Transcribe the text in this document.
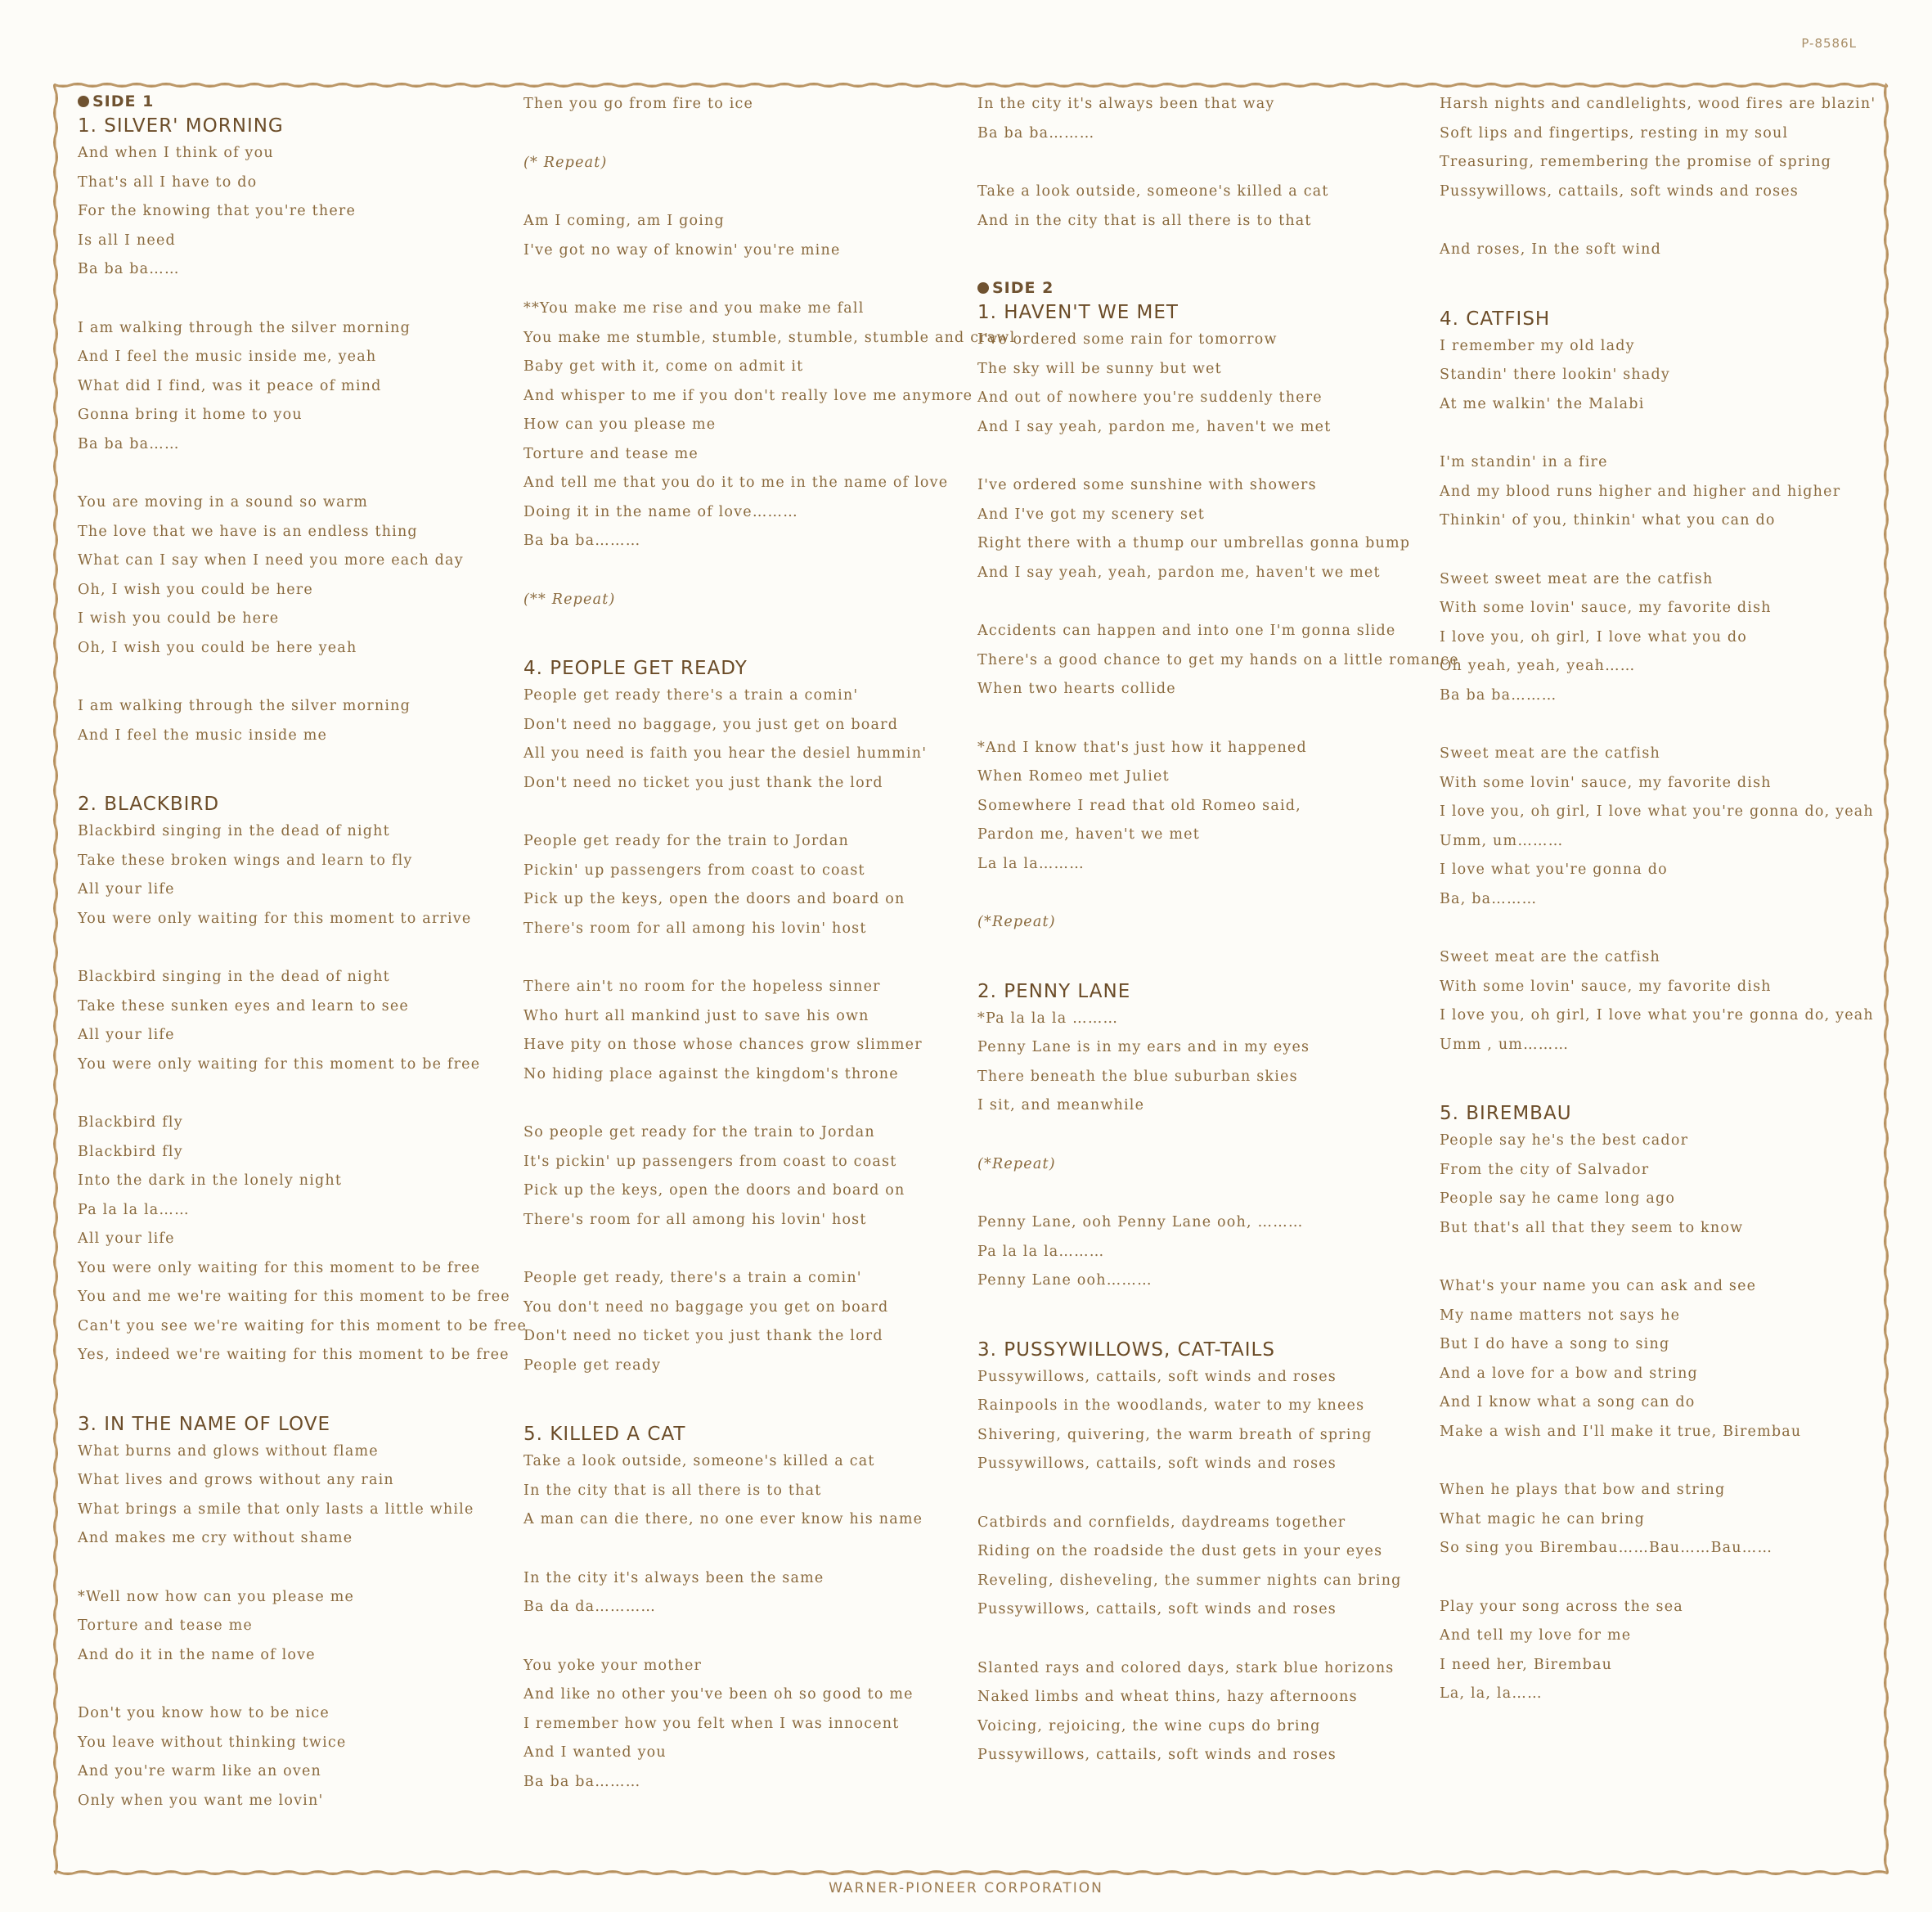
P-8586L
SIDE 1
1. SILVER' MORNING
And when I think of you
That's all I have to do
For the knowing that you're there
Is all I need
Ba ba ba……
I am walking through the silver morning
And I feel the music inside me, yeah
What did I find, was it peace of mind
Gonna bring it home to you
Ba ba ba……
You are moving in a sound so warm
The love that we have is an endless thing
What can I say when I need you more each day
Oh, I wish you could be here
I wish you could be here
Oh, I wish you could be here yeah
I am walking through the silver morning
And I feel the music inside me
2. BLACKBIRD
Blackbird singing in the dead of night
Take these broken wings and learn to fly
All your life
You were only waiting for this moment to arrive
Blackbird singing in the dead of night
Take these sunken eyes and learn to see
All your life
You were only waiting for this moment to be free
Blackbird fly
Blackbird fly
Into the dark in the lonely night
Pa la la la……
All your life
You were only waiting for this moment to be free
You and me we're waiting for this moment to be free
Can't you see we're waiting for this moment to be free
Yes, indeed we're waiting for this moment to be free
3. IN THE NAME OF LOVE
What burns and glows without flame
What lives and grows without any rain
What brings a smile that only lasts a little while
And makes me cry without shame
*Well now how can you please me
Torture and tease me
And do it in the name of love
Don't you know how to be nice
You leave without thinking twice
And you're warm like an oven
Only when you want me lovin'
Then you go from fire to ice
(* Repeat)
Am I coming, am I going
I've got no way of knowin' you're mine
**You make me rise and you make me fall
You make me stumble, stumble, stumble, stumble and crawl
Baby get with it, come on admit it
And whisper to me if you don't really love me anymore
How can you please me
Torture and tease me
And tell me that you do it to me in the name of love
Doing it in the name of love………
Ba ba ba………
(** Repeat)
4. PEOPLE GET READY
People get ready there's a train a comin'
Don't need no baggage, you just get on board
All you need is faith you hear the desiel hummin'
Don't need no ticket you just thank the lord
People get ready for the train to Jordan
Pickin' up passengers from coast to coast
Pick up the keys, open the doors and board on
There's room for all among his lovin' host
There ain't no room for the hopeless sinner
Who hurt all mankind just to save his own
Have pity on those whose chances grow slimmer
No hiding place against the kingdom's throne
So people get ready for the train to Jordan
It's pickin' up passengers from coast to coast
Pick up the keys, open the doors and board on
There's room for all among his lovin' host
People get ready, there's a train a comin'
You don't need no baggage you get on board
Don't need no ticket you just thank the lord
People get ready
5. KILLED A CAT
Take a look outside, someone's killed a cat
In the city that is all there is to that
A man can die there, no one ever know his name
In the city it's always been the same
Ba da da…………
You yoke your mother
And like no other you've been oh so good to me
I remember how you felt when I was innocent
And I wanted you
Ba ba ba………
In the city it's always been that way
Ba ba ba………
Take a look outside, someone's killed a cat
And in the city that is all there is to that
SIDE 2
1. HAVEN'T WE MET
I've ordered some rain for tomorrow
The sky will be sunny but wet
And out of nowhere you're suddenly there
And I say yeah, pardon me, haven't we met
I've ordered some sunshine with showers
And I've got my scenery set
Right there with a thump our umbrellas gonna bump
And I say yeah, yeah, pardon me, haven't we met
Accidents can happen and into one I'm gonna slide
There's a good chance to get my hands on a little romance
When two hearts collide
*And I know that's just how it happened
When Romeo met Juliet
Somewhere I read that old Romeo said,
Pardon me, haven't we met
La la la………
(*Repeat)
2. PENNY LANE
*Pa la la la ………
Penny Lane is in my ears and in my eyes
There beneath the blue suburban skies
I sit, and meanwhile
(*Repeat)
Penny Lane, ooh Penny Lane ooh, ………
Pa la la la………
Penny Lane ooh………
3. PUSSYWILLOWS, CAT-TAILS
Pussywillows, cattails, soft winds and roses
Rainpools in the woodlands, water to my knees
Shivering, quivering, the warm breath of spring
Pussywillows, cattails, soft winds and roses
Catbirds and cornfields, daydreams together
Riding on the roadside the dust gets in your eyes
Reveling, disheveling, the summer nights can bring
Pussywillows, cattails, soft winds and roses
Slanted rays and colored days, stark blue horizons
Naked limbs and wheat thins, hazy afternoons
Voicing, rejoicing, the wine cups do bring
Pussywillows, cattails, soft winds and roses
Harsh nights and candlelights, wood fires are blazin'
Soft lips and fingertips, resting in my soul
Treasuring, remembering the promise of spring
Pussywillows, cattails, soft winds and roses
And roses, In the soft wind
4. CATFISH
I remember my old lady
Standin' there lookin' shady
At me walkin' the Malabi
I'm standin' in a fire
And my blood runs higher and higher and higher
Thinkin' of you, thinkin' what you can do
Sweet sweet meat are the catfish
With some lovin' sauce, my favorite dish
I love you, oh girl, I love what you do
Oh yeah, yeah, yeah……
Ba ba ba………
Sweet meat are the catfish
With some lovin' sauce, my favorite dish
I love you, oh girl, I love what you're gonna do, yeah
Umm, um………
I love what you're gonna do
Ba, ba………
Sweet meat are the catfish
With some lovin' sauce, my favorite dish
I love you, oh girl, I love what you're gonna do, yeah
Umm , um………
5. BIREMBAU
People say he's the best cador
From the city of Salvador
People say he came long ago
But that's all that they seem to know
What's your name you can ask and see
My name matters not says he
But I do have a song to sing
And a love for a bow and string
And I know what a song can do
Make a wish and I'll make it true, Birembau
When he plays that bow and string
What magic he can bring
So sing you Birembau……Bau……Bau……
Play your song across the sea
And tell my love for me
I need her, Birembau
La, la, la……
WARNER-PIONEER CORPORATION
